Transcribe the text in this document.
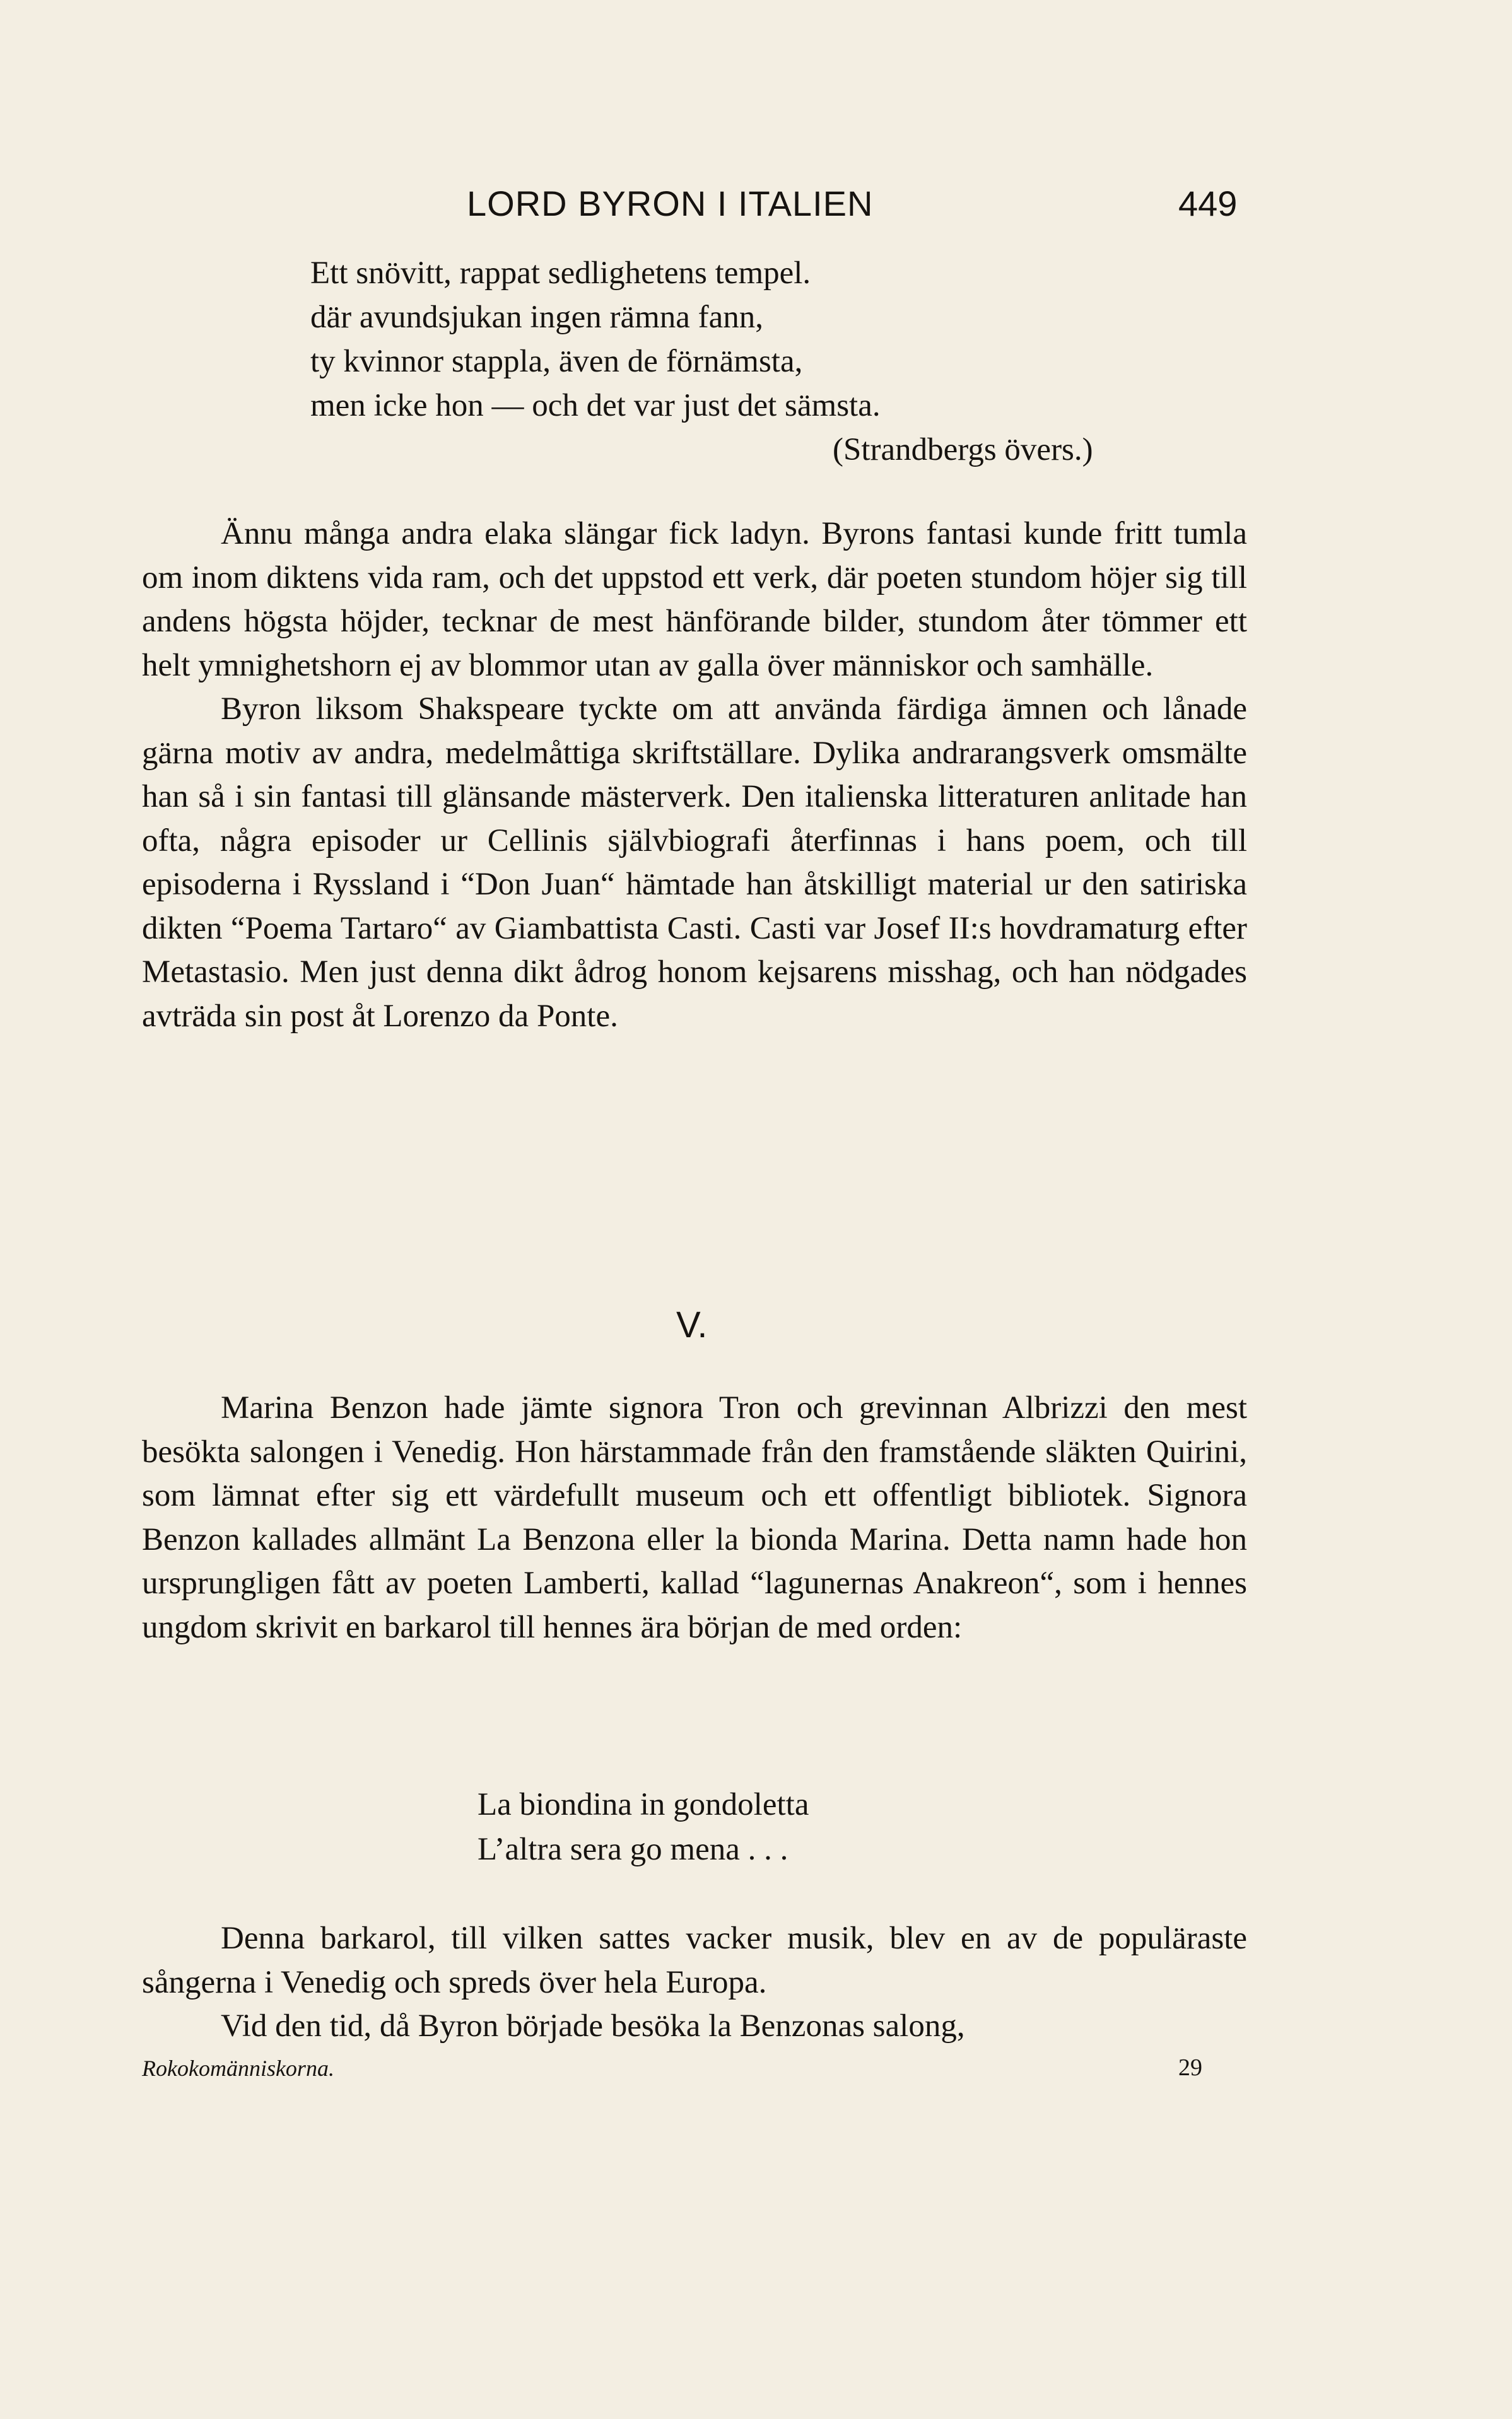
LORD BYRON I ITALIEN	449
Ett snövitt, rappat sedlighetens tempel.
där avundsjukan ingen rämna fann,
ty kvinnor stappla, även de förnämsta,
men icke hon — och det var just det sämsta.
(Strandbergs övers.)

Ännu många andra elaka slängar fick ladyn. Byrons fantasi kunde fritt tumla om inom diktens vida ram, och det uppstod ett verk, där poeten stundom höjer sig till andens högsta höjder, tecknar de mest hänförande bilder, stundom åter tömmer ett helt ymnighetshorn ej av blommor utan av galla över människor och samhälle.

Byron liksom Shakspeare tyckte om att använda färdiga ämnen och lånade gärna motiv av andra, medelmåttiga skriftställare. Dylika andrarangsverk omsmälte han så i sin fantasi till glänsande mästerverk. Den italienska litteraturen anlitade han ofta, några episoder ur Cellinis självbiografi återfinnas i hans poem, och till episoderna i Ryssland i “Don Juan“ hämtade han åtskilligt material ur den satiriska dikten “Poema Tartaro“ av Giambattista Casti. Casti var Josef II:s hovdramaturg efter Metastasio. Men just denna dikt ådrog honom kejsarens misshag, och han nödgades avträda sin post åt Lorenzo da Ponte.

V.

Marina Benzon hade jämte signora Tron och grevinnan Albrizzi den mest besökta salongen i Venedig. Hon härstammade från den framstående släkten Quirini, som lämnat efter sig ett värdefullt museum och ett offentligt bibliotek. Signora Benzon kallades allmänt La Benzona eller la bionda Marina. Detta namn hade hon ursprungligen fått av poeten Lamberti, kallad “lagunernas Anakreon“, som i hennes ungdom skrivit en barkarol till hennes ära början de med orden:

La biondina in gondoletta
L’altra sera go mena . . .

Denna barkarol, till vilken sattes vacker musik, blev en av de populäraste sångerna i Venedig och spreds över hela Europa.

Vid den tid, då Byron började besöka la Benzonas salong,

Rokokomänniskorna.	29
